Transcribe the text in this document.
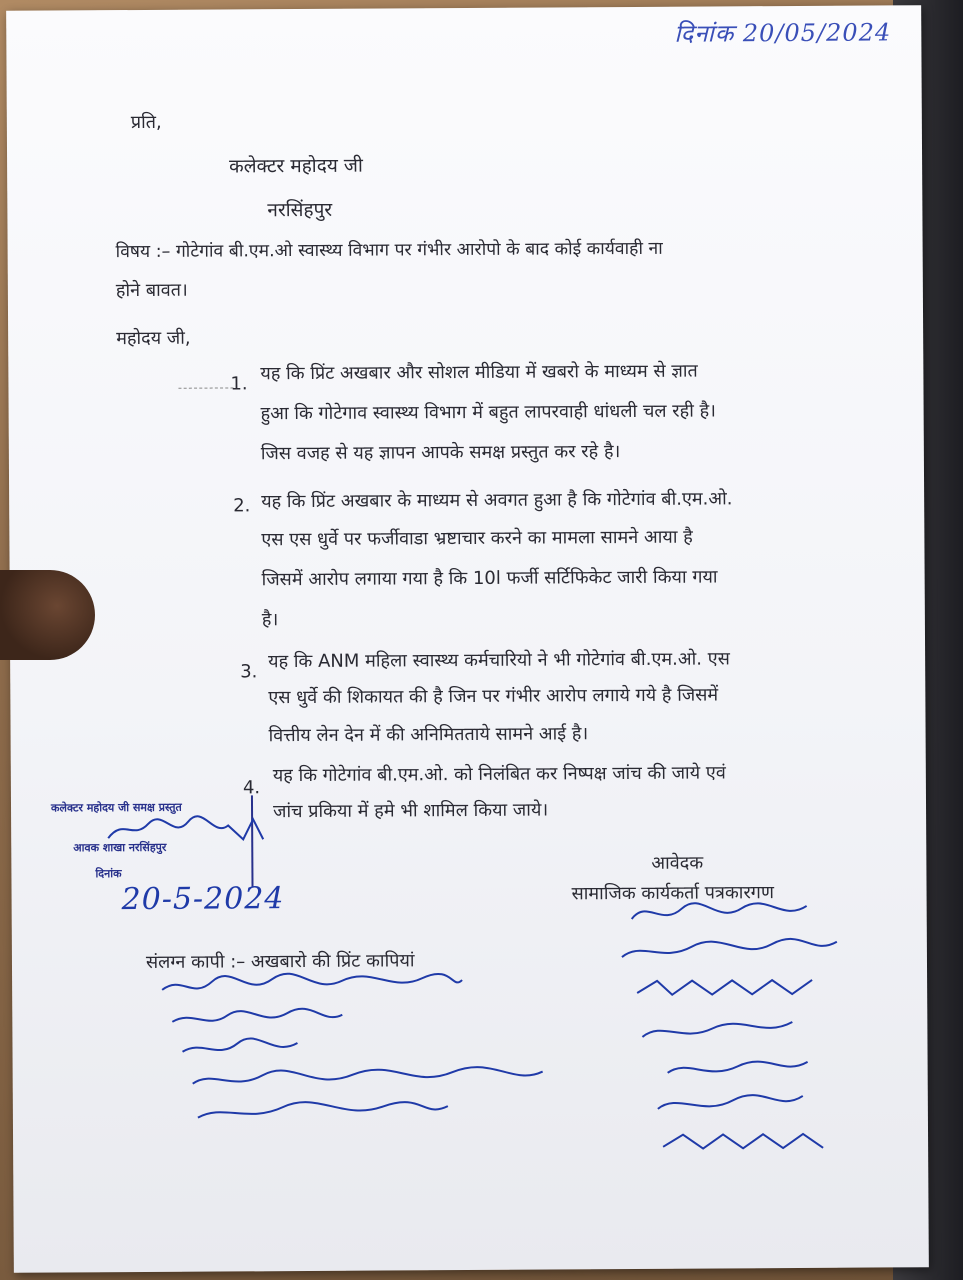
दिनांक 20/05/2024
प्रति,
कलेक्टर महोदय जी
नरसिंहपुर
विषय :– गोटेगांव बी.एम.ओ स्वास्थ्य विभाग पर गंभीर आरोपो के बाद कोई कार्यवाही ना
होने बावत।
महोदय जी,
1. यह कि प्रिंट अखबार और सोशल मीडिया में खबरो के माध्यम से ज्ञात
हुआ कि गोटेगाव स्वास्थ्य विभाग में बहुत लापरवाही धांधली चल रही है।
जिस वजह से यह ज्ञापन आपके समक्ष प्रस्तुत कर रहे है।
2. यह कि प्रिंट अखबार के माध्यम से अवगत हुआ है कि गोटेगांव बी.एम.ओ.
एस एस धुर्वे पर फर्जीवाडा भ्रष्टाचार करने का मामला सामने आया है
जिसमें आरोप लगाया गया है कि 10l फर्जी सर्टिफिकेट जारी किया गया
है।
3. यह कि ANM महिला स्वास्थ्य कर्मचारियो ने भी गोटेगांव बी.एम.ओ. एस
एस धुर्वे की शिकायत की है जिन पर गंभीर आरोप लगाये गये है जिसमें
वित्तीय लेन देन में की अनिमितताये सामने आई है।
4.
यह कि गोटेगांव बी.एम.ओ. को निलंबित कर निष्पक्ष जांच की जाये एवं
जांच प्रकिया में हमे भी शामिल किया जाये।
कलेक्टर महोदय जी समक्ष प्रस्तुत
आवक शाखा नरसिंहपुर
दिनांक
20-5-2024
आवेदक
सामाजिक कार्यकर्ता पत्रकारगण
संलग्न कापी :– अखबारो की प्रिंट कापियां
